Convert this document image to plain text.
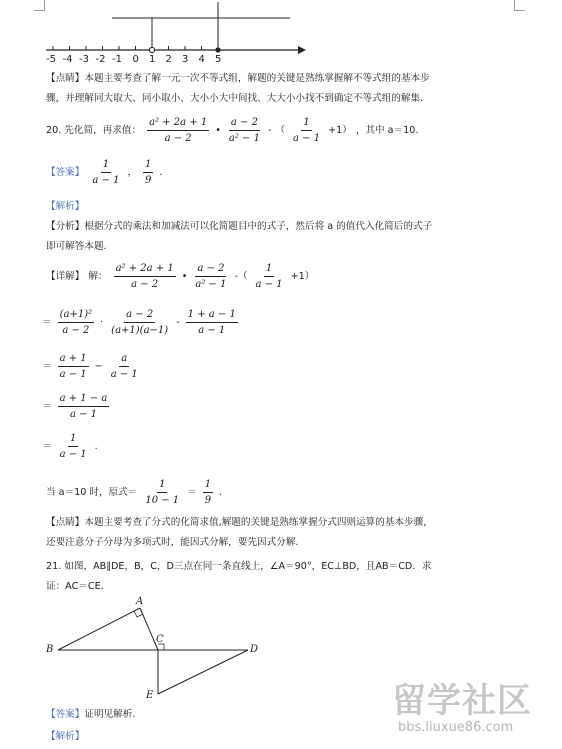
-5 -4 -3 -2 -1 0 1 2 3 4 5
【点睛】本题主要考查了解一元一次不等式组，解题的关键是熟练掌握解不等式组的基本步
骤，并理解同大取大、同小取小、大小小大中间找、大大小小找不到确定不等式组的解集.
20. 先化简，再求值： $\frac{\text{a² + 2a + 1}}{a - 2}$ • $\frac{a - 2}{\text{a² − 1}}$ - （ $\frac{1}{a - 1} +1$） ，其中 a＝10.
【答案】 $\frac{1}{a - 1}$ ， $\frac{1}{9}$ .
【解析】
【分析】根据分式的乘法和加减法可以化简题目中的式子，然后将 a 的值代入化简后的式子
即可解答本题.
【详解】 解： $\frac{\text{a² + 2a + 1}}{a - 2}$ • $\frac{a - 2}{\text{a² − 1}}$ -（ $\frac{1}{a - 1} +1$）
＝ $\frac{\text{(a+1)²}}{a - 2} \cdot \frac{a - 2}{(a+1)(a-1)} - \frac{1 + a - 1}{a - 1}$
＝ $\frac{a + 1}{a - 1} - \frac{a}{a - 1}$
＝ $\frac{a + 1 - a}{a - 1}$
＝ $\frac{1}{a - 1}$ .
当 a＝10 时，原式＝ $\frac{1}{10 - 1} = \frac{1}{9}$ .
【点睛】本题主要考查了分式的化简求值,解题的关键是熟练掌握分式四则运算的基本步骤，
还要注意分子分母为多项式时，能因式分解，要先因式分解.
21. 如图，AB∥DE，B，C，D三点在同一条直线上，∠A＝90°，EC⊥BD，且AB＝CD．求
证：AC＝CE．
A
B
C
D
E
【答案】证明见解析.
【解析】
留学社区
bbs.liuxue86.com
